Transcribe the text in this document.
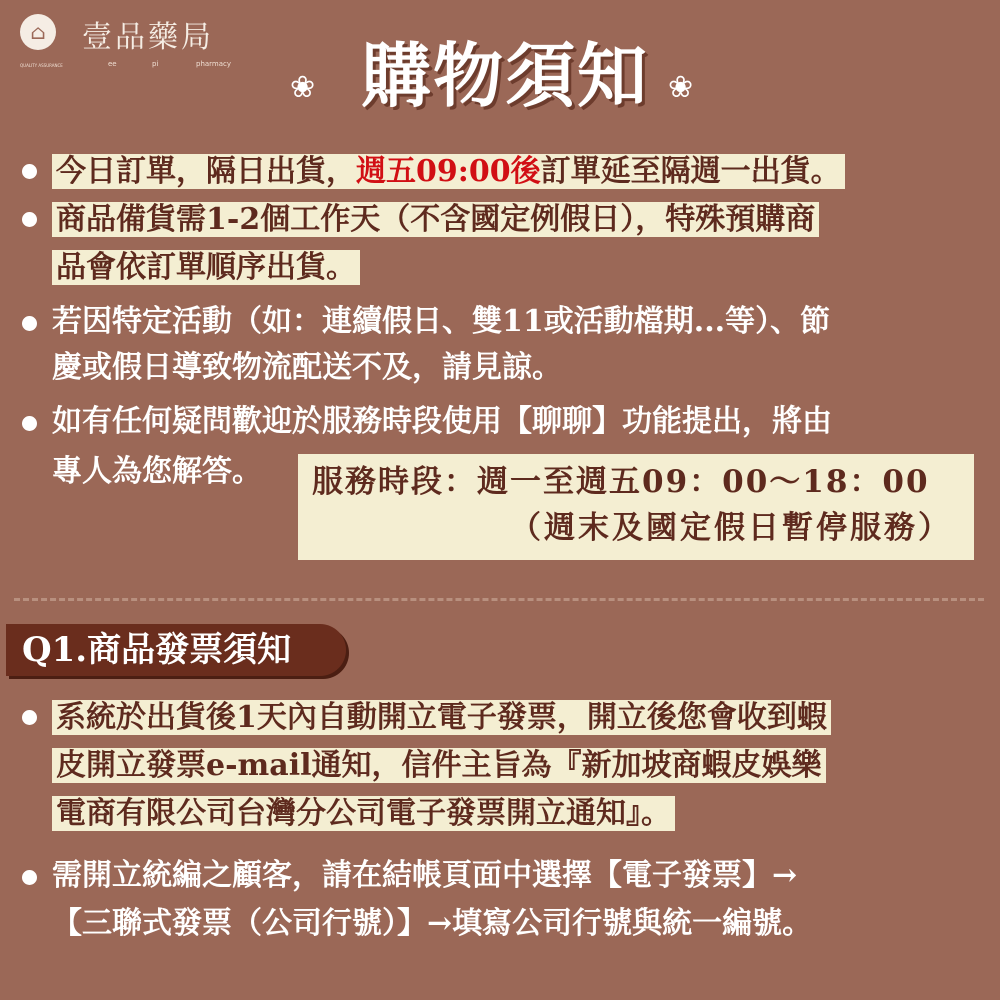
⌂	壹品藥局
QUALITY ASSURANCE	ee	pi	pharmacy
❀ 購物須知 ❀
今日訂單，隔日出貨，週五09:00後訂單延至隔週一出貨。
商品備貨需1-2個工作天（不含國定例假日），特殊預購商
品會依訂單順序出貨。
若因特定活動（如：連續假日、雙11或活動檔期...等）、節
慶或假日導致物流配送不及，請見諒。
如有任何疑問歡迎於服務時段使用【聊聊】功能提出，將由
專人為您解答。 服務時段：週一至週五09：00～18：00
（週末及國定假日暫停服務）
Q1.商品發票須知
系統於出貨後1天內自動開立電子發票，開立後您會收到蝦
皮開立發票e-mail通知，信件主旨為『新加坡商蝦皮娛樂
電商有限公司台灣分公司電子發票開立通知』。
需開立統編之顧客，請在結帳頁面中選擇【電子發票】→
【三聯式發票（公司行號）】→填寫公司行號與統一編號。
